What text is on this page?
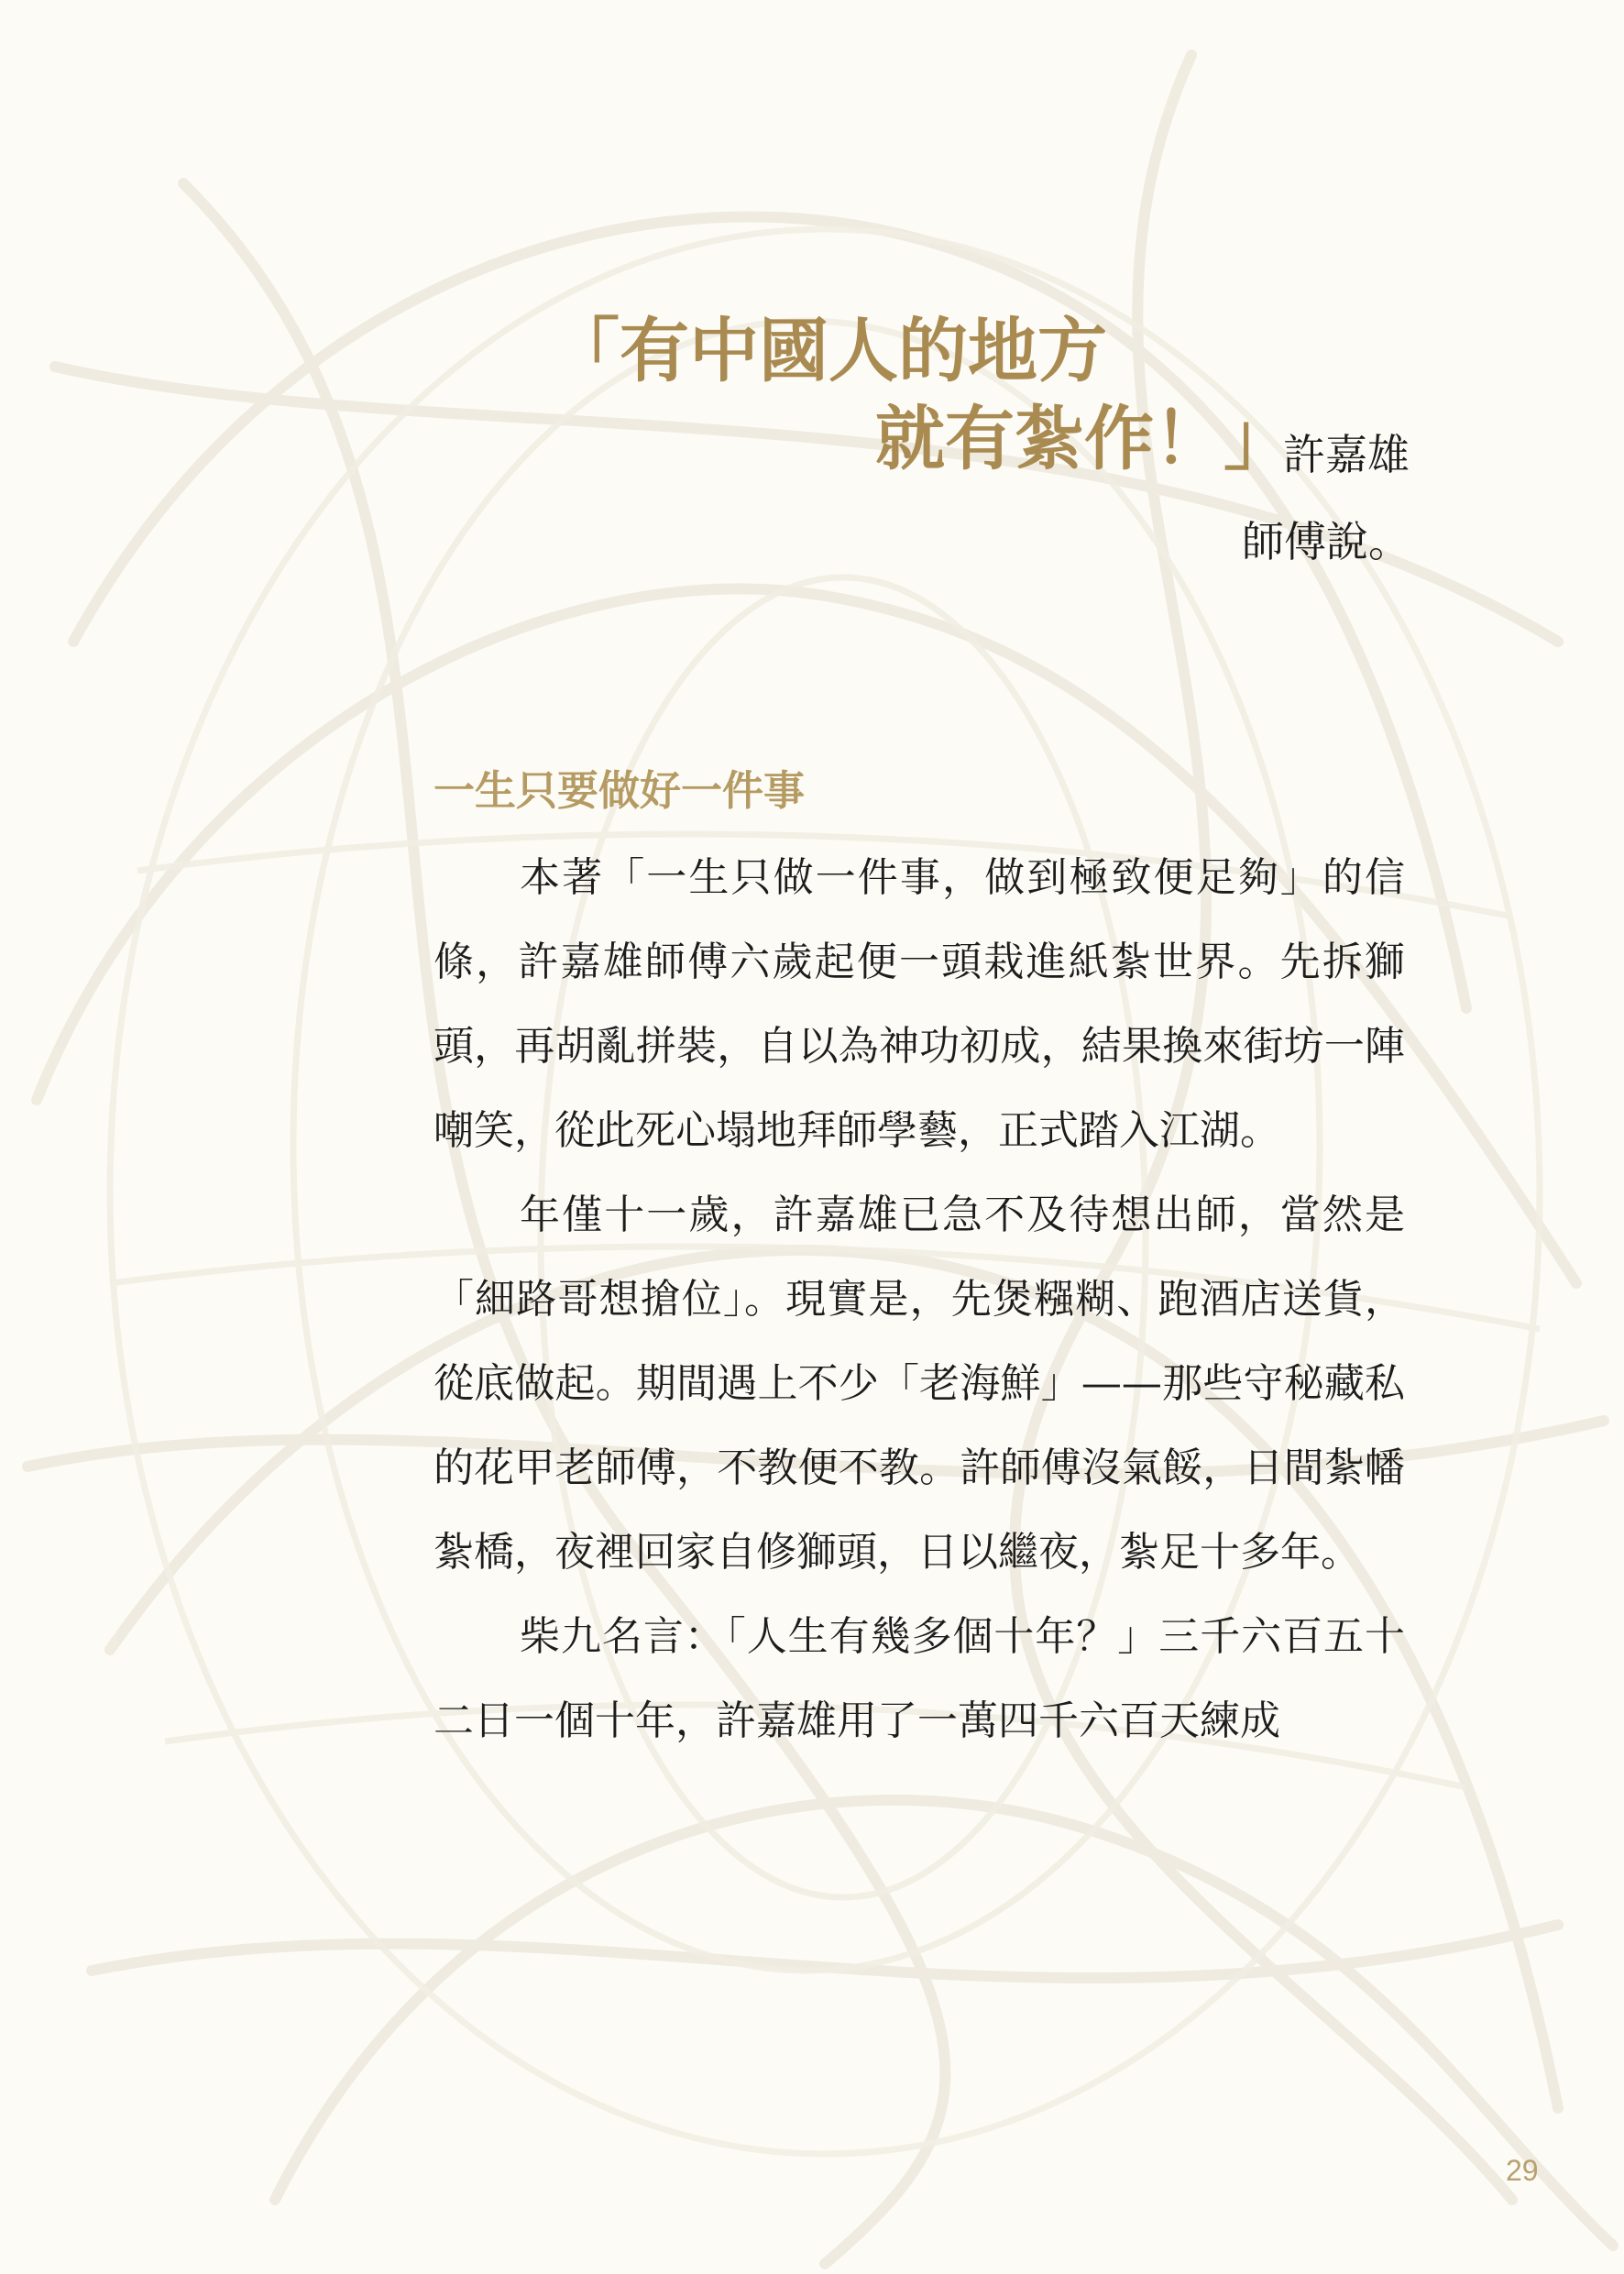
「有中國人的地方
就有紮作！」
許嘉雄
師傅說。
一生只要做好一件事

本著「一生只做一件事，做到極致便足夠」的信條，許嘉雄師傅六歲起便一頭栽進紙紮世界。先拆獅頭，再胡亂拼裝，自以為神功初成，結果換來街坊一陣嘲笑，從此死心塌地拜師學藝，正式踏入江湖。

年僅十一歲，許嘉雄已急不及待想出師，當然是「細路哥想搶位」。現實是，先煲糨糊、跑酒店送貨，從底做起。期間遇上不少「老海鮮」——那些守秘藏私的花甲老師傅，不教便不教。許師傅沒氣餒，日間紮幡紮橋，夜裡回家自修獅頭，日以繼夜，紮足十多年。

柴九名言：「人生有幾多個十年？」三千六百五十二日一個十年，許嘉雄用了一萬四千六百天練成

29
